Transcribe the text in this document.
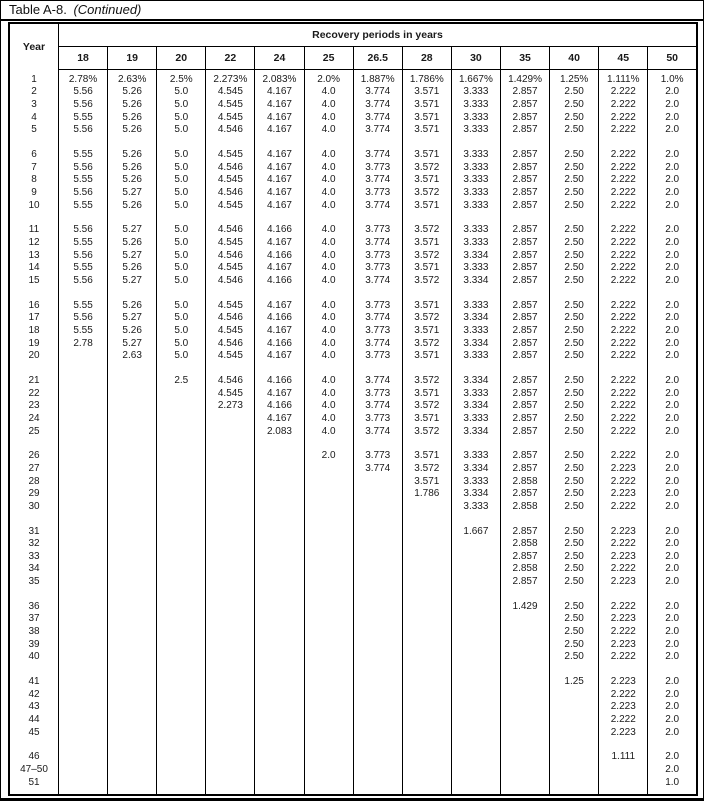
Table A-8. (Continued)
Year	Recovery periods in years												
	18	19	20	22	24	25	26.5	28	30	35	40	45	50

1	2.78%	2.63%	2.5%	2.273%	2.083%	2.0%	1.887%	1.786%	1.667%	1.429%	1.25%	1.111%	1.0%
2	5.56	5.26	5.0	4.545	4.167	4.0	3.774	3.571	3.333	2.857	2.50	2.222	2.0
3	5.56	5.26	5.0	4.545	4.167	4.0	3.774	3.571	3.333	2.857	2.50	2.222	2.0
4	5.55	5.26	5.0	4.545	4.167	4.0	3.774	3.571	3.333	2.857	2.50	2.222	2.0
5	5.56	5.26	5.0	4.546	4.167	4.0	3.774	3.571	3.333	2.857	2.50	2.222	2.0

6	5.55	5.26	5.0	4.545	4.167	4.0	3.774	3.571	3.333	2.857	2.50	2.222	2.0
7	5.56	5.26	5.0	4.546	4.167	4.0	3.773	3.572	3.333	2.857	2.50	2.222	2.0
8	5.55	5.26	5.0	4.545	4.167	4.0	3.774	3.571	3.333	2.857	2.50	2.222	2.0
9	5.56	5.27	5.0	4.546	4.167	4.0	3.773	3.572	3.333	2.857	2.50	2.222	2.0
10	5.55	5.26	5.0	4.545	4.167	4.0	3.774	3.571	3.333	2.857	2.50	2.222	2.0

11	5.56	5.27	5.0	4.546	4.166	4.0	3.773	3.572	3.333	2.857	2.50	2.222	2.0
12	5.55	5.26	5.0	4.545	4.167	4.0	3.774	3.571	3.333	2.857	2.50	2.222	2.0
13	5.56	5.27	5.0	4.546	4.166	4.0	3.773	3.572	3.334	2.857	2.50	2.222	2.0
14	5.55	5.26	5.0	4.545	4.167	4.0	3.773	3.571	3.333	2.857	2.50	2.222	2.0
15	5.56	5.27	5.0	4.546	4.166	4.0	3.774	3.572	3.334	2.857	2.50	2.222	2.0

16	5.55	5.26	5.0	4.545	4.167	4.0	3.773	3.571	3.333	2.857	2.50	2.222	2.0
17	5.56	5.27	5.0	4.546	4.166	4.0	3.774	3.572	3.334	2.857	2.50	2.222	2.0
18	5.55	5.26	5.0	4.545	4.167	4.0	3.773	3.571	3.333	2.857	2.50	2.222	2.0
19	2.78	5.27	5.0	4.546	4.166	4.0	3.774	3.572	3.334	2.857	2.50	2.222	2.0
20		2.63	5.0	4.545	4.167	4.0	3.773	3.571	3.333	2.857	2.50	2.222	2.0

21			2.5	4.546	4.166	4.0	3.774	3.572	3.334	2.857	2.50	2.222	2.0
22				4.545	4.167	4.0	3.773	3.571	3.333	2.857	2.50	2.222	2.0
23				2.273	4.166	4.0	3.774	3.572	3.334	2.857	2.50	2.222	2.0
24					4.167	4.0	3.773	3.571	3.333	2.857	2.50	2.222	2.0
25					2.083	4.0	3.774	3.572	3.334	2.857	2.50	2.222	2.0

26						2.0	3.773	3.571	3.333	2.857	2.50	2.222	2.0
27							3.774	3.572	3.334	2.857	2.50	2.223	2.0
28								3.571	3.333	2.858	2.50	2.222	2.0
29								1.786	3.334	2.857	2.50	2.223	2.0
30									3.333	2.858	2.50	2.222	2.0

31									1.667	2.857	2.50	2.223	2.0
32										2.858	2.50	2.222	2.0
33										2.857	2.50	2.223	2.0
34										2.858	2.50	2.222	2.0
35										2.857	2.50	2.223	2.0

36										1.429	2.50	2.222	2.0
37											2.50	2.223	2.0
38											2.50	2.222	2.0
39											2.50	2.223	2.0
40											2.50	2.222	2.0

41											1.25	2.223	2.0
42												2.222	2.0
43												2.223	2.0
44												2.222	2.0
45												2.223	2.0

46												1.111	2.0
47–50													2.0
51													1.0
